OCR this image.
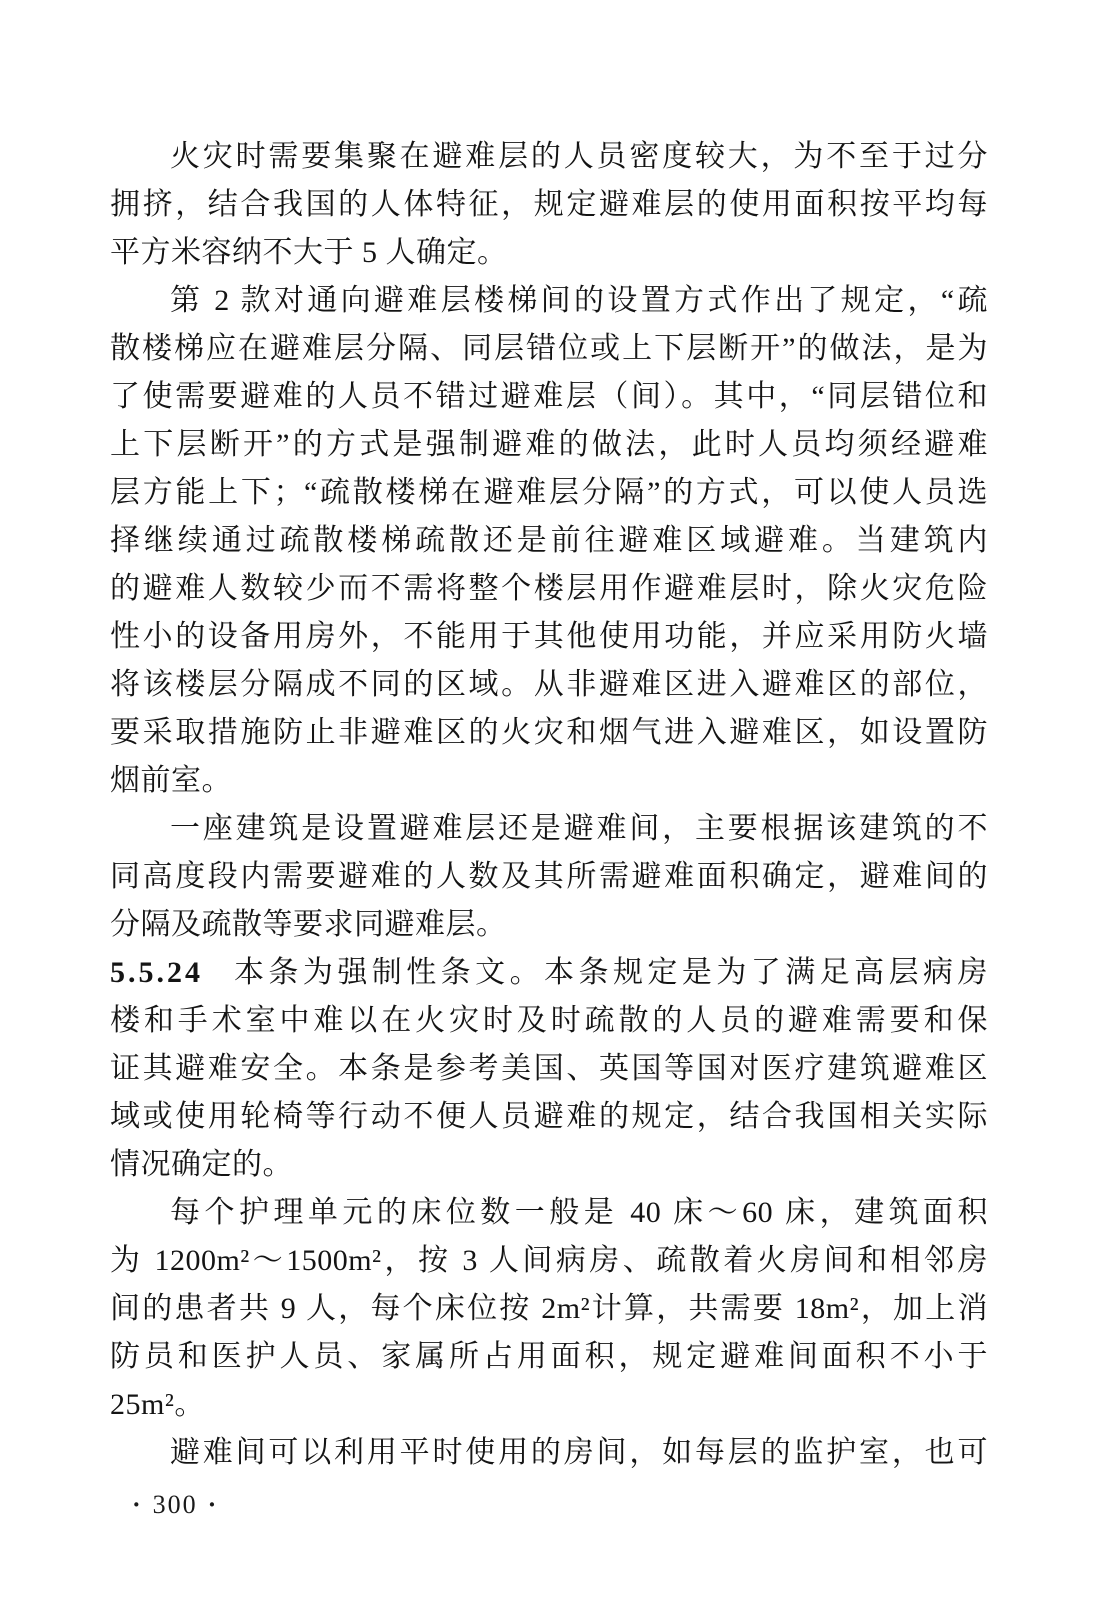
火灾时需要集聚在避难层的人员密度较大，为不至于过分
拥挤，结合我国的人体特征，规定避难层的使用面积按平均每
平方米容纳不大于 5 人确定。
第 2 款对通向避难层楼梯间的设置方式作出了规定，“疏
散楼梯应在避难层分隔、同层错位或上下层断开”的做法，是为
了使需要避难的人员不错过避难层（间）。其中，“同层错位和
上下层断开”的方式是强制避难的做法，此时人员均须经避难
层方能上下；“疏散楼梯在避难层分隔”的方式，可以使人员选
择继续通过疏散楼梯疏散还是前往避难区域避难。当建筑内
的避难人数较少而不需将整个楼层用作避难层时，除火灾危险
性小的设备用房外，不能用于其他使用功能，并应采用防火墙
将该楼层分隔成不同的区域。从非避难区进入避难区的部位，
要采取措施防止非避难区的火灾和烟气进入避难区，如设置防
烟前室。
一座建筑是设置避难层还是避难间，主要根据该建筑的不
同高度段内需要避难的人数及其所需避难面积确定，避难间的
分隔及疏散等要求同避难层。
5.5.24 本条为强制性条文。本条规定是为了满足高层病房
楼和手术室中难以在火灾时及时疏散的人员的避难需要和保
证其避难安全。本条是参考美国、英国等国对医疗建筑避难区
域或使用轮椅等行动不便人员避难的规定，结合我国相关实际
情况确定的。
每个护理单元的床位数一般是 40 床～60 床，建筑面积
为 1200m²～1500m²，按 3 人间病房、疏散着火房间和相邻房
间的患者共 9 人，每个床位按 2m²计算，共需要 18m²，加上消
防员和医护人员、家属所占用面积，规定避难间面积不小于
25m²。
避难间可以利用平时使用的房间，如每层的监护室，也可
· 300 ·
